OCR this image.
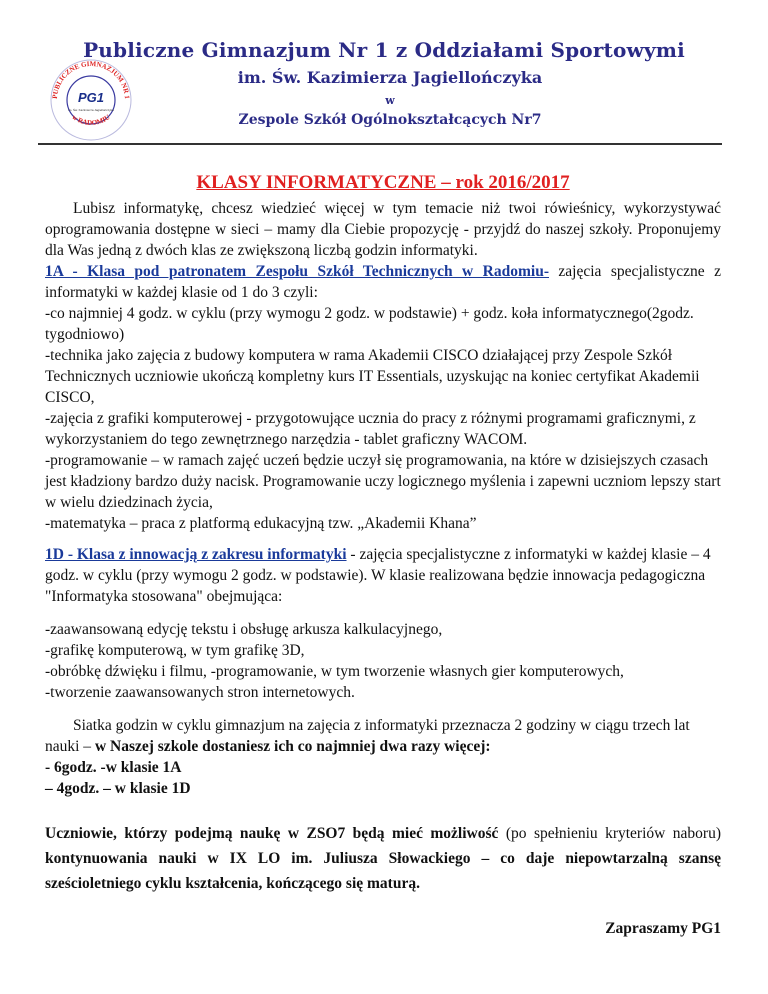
Publiczne Gimnazjum Nr 1 z Oddziałami Sportowymi
PUBLICZNE GIMNAZJUM NR 1
w RADOMIU
PG1
im. Św. Kazimierza Jagiellończyka
im. Św. Kazimierza Jagiellończyka
w
Zespole Szkół Ogólnokształcących Nr7
KLASY INFORMATYCZNE – rok 2016/2017

Lubisz informatykę, chcesz wiedzieć więcej w tym temacie niż twoi rówieśnicy, wykorzystywać oprogramowania dostępne w sieci – mamy dla Ciebie propozycję - przyjdź do naszej szkoły. Proponujemy dla Was jedną z dwóch klas ze zwiększoną liczbą godzin informatyki.

1A - Klasa pod patronatem Zespołu Szkół Technicznych w Radomiu- zajęcia specjalistyczne z informatyki w każdej klasie od 1 do 3 czyli:

-co najmniej 4 godz. w cyklu (przy wymogu 2 godz. w podstawie) + godz. koła informatycznego(2godz. tygodniowo)

-technika jako zajęcia z budowy komputera w rama Akademii CISCO działającej przy Zespole Szkół Technicznych uczniowie ukończą kompletny kurs IT Essentials, uzyskując na koniec certyfikat Akademii CISCO,

-zajęcia z grafiki komputerowej - przygotowujące ucznia do pracy z różnymi programami graficznymi, z wykorzystaniem do tego zewnętrznego narzędzia - tablet graficzny WACOM.

-programowanie – w ramach zajęć uczeń będzie uczył się programowania, na które w dzisiejszych czasach jest kładziony bardzo duży nacisk. Programowanie uczy logicznego myślenia i zapewni uczniom lepszy start w wielu dziedzinach życia,

-matematyka – praca z platformą edukacyjną tzw. „Akademii Khana”

1D - Klasa z innowacją z zakresu informatyki - zajęcia specjalistyczne z informatyki w każdej klasie – 4 godz. w cyklu (przy wymogu 2 godz. w podstawie). W klasie realizowana będzie innowacja pedagogiczna "Informatyka stosowana" obejmująca:

-zaawansowaną edycję tekstu i obsługę arkusza kalkulacyjnego,

-grafikę komputerową, w tym grafikę 3D,

-obróbkę dźwięku i filmu, -programowanie, w tym tworzenie własnych gier komputerowych,

-tworzenie zaawansowanych stron internetowych.

Siatka godzin w cyklu gimnazjum na zajęcia z informatyki przeznacza 2 godziny w ciągu trzech lat nauki – w Naszej szkole dostaniesz ich co najmniej dwa razy więcej:

- 6godz. -w klasie 1A

– 4godz. – w klasie 1D

Uczniowie, którzy podejmą naukę w ZSO7 będą mieć możliwość (po spełnieniu kryteriów naboru) kontynuowania nauki w IX LO im. Juliusza Słowackiego – co daje niepowtarzalną szansę sześcioletniego cyklu kształcenia, kończącego się maturą.

Zapraszamy PG1
